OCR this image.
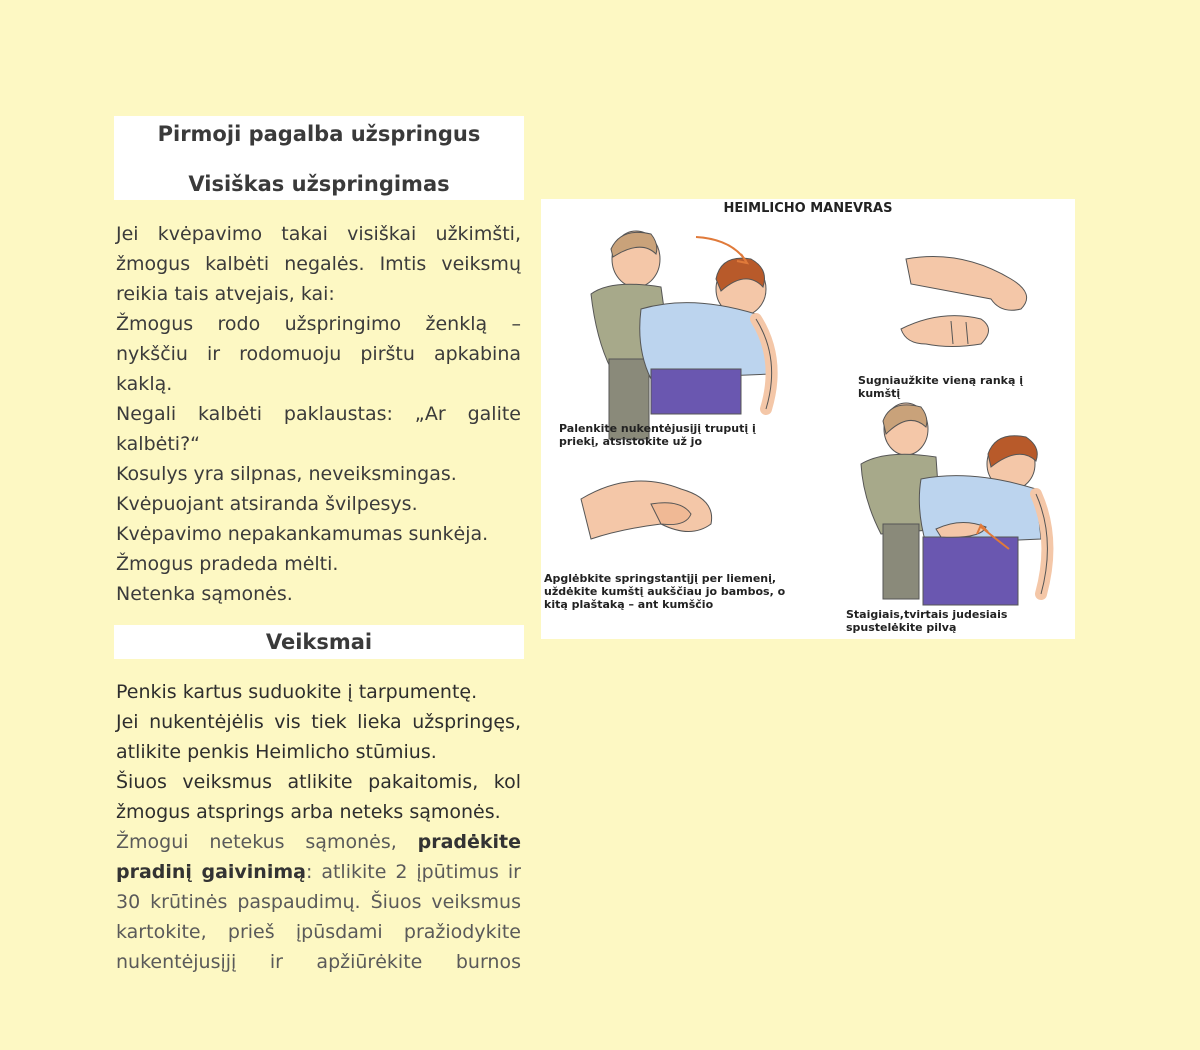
Pirmoji pagalba užspringus
Visiškas užspringimas
Jei kvėpavimo takai visiškai užkimšti,
žmogus kalbėti negalės. Imtis veiksmų
reikia tais atvejais, kai:
Žmogus rodo užspringimo ženklą –
nykščiu ir rodomuoju pirštu apkabina
kaklą.
Negali kalbėti paklaustas: „Ar galite
kalbėti?“
Kosulys yra silpnas, neveiksmingas.
Kvėpuojant atsiranda švilpesys.
Kvėpavimo nepakankamumas sunkėja.
Žmogus pradeda mėlti.
Netenka sąmonės.
Veiksmai
Penkis kartus suduokite į tarpumentę.
Jei nukentėjėlis vis tiek lieka užspringęs,
atlikite penkis Heimlicho stūmius.
Šiuos veiksmus atlikite pakaitomis, kol
žmogus atsprings arba neteks sąmonės.
Žmogui netekus sąmonės, pradėkite
pradinį gaivinimą: atlikite 2 įpūtimus ir
30 krūtinės paspaudimų. Šiuos veiksmus
kartokite, prieš įpūsdami pražiodykite
nukentėjusįjį ir apžiūrėkite burnos
HEIMLICHO MANEVRAS
Palenkite nukentėjusįjį truputį į
priekį, atsistokite už jo
Sugniaužkite vieną ranką į
kumštį
Apglėbkite springstantįjį per liemenį,
uždėkite kumštį aukščiau jo bambos, o
kitą plaštaką – ant kumščio
Staigiais,tvirtais judesiais
spustelėkite pilvą
